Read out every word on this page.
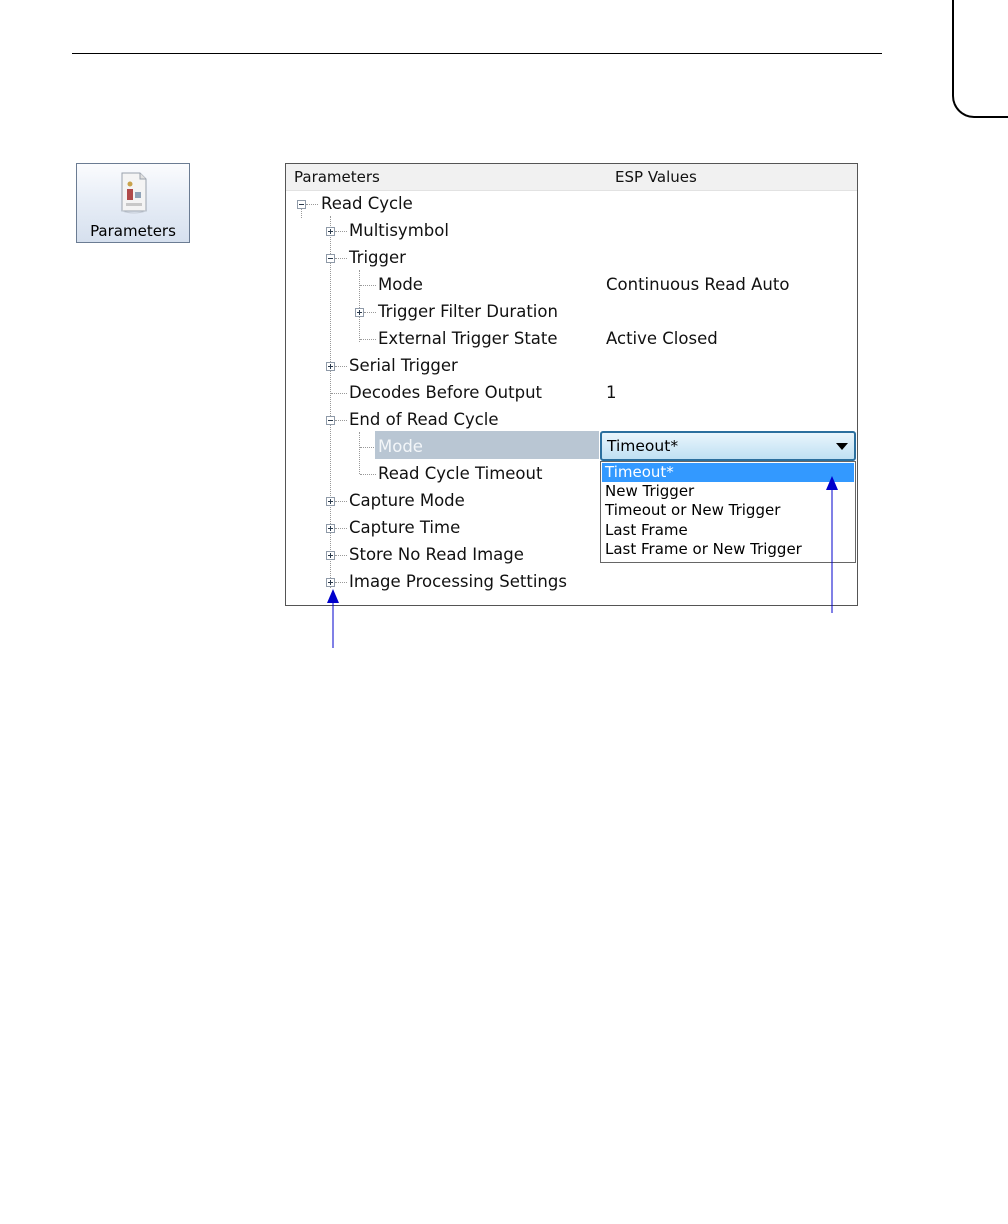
Parameters
Parameters	ESP Values
Read Cycle
Multisymbol
Trigger
Mode
Trigger Filter Duration
External Trigger State
Serial Trigger
Decodes Before Output
End of Read Cycle
Mode
Read Cycle Timeout
Capture Mode
Capture Time
Store No Read Image
Image Processing Settings
Continuous Read Auto
Active Closed
1
Timeout*
Timeout*
New Trigger
Timeout or New Trigger
Last Frame
Last Frame or New Trigger
